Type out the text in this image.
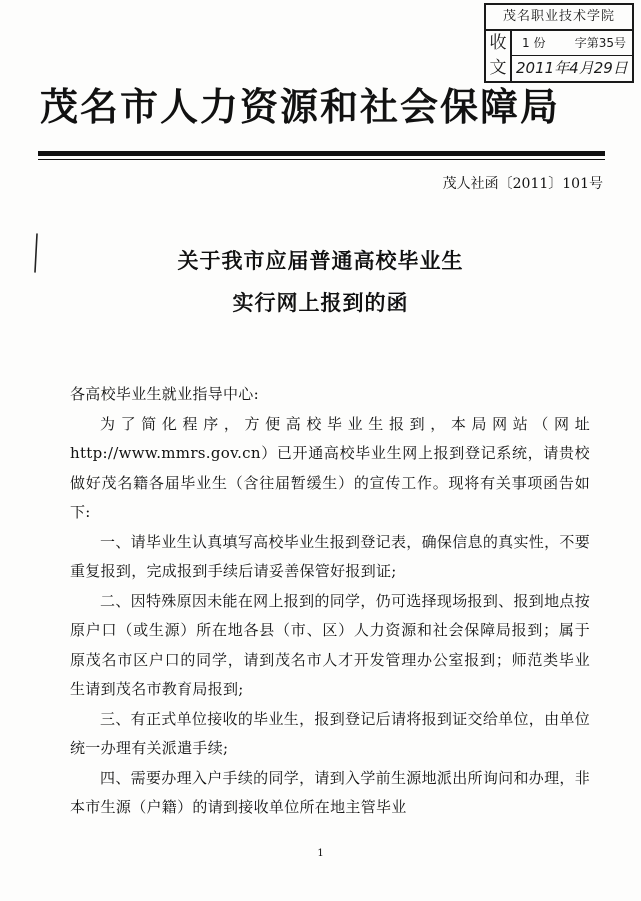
茂名职业技术学院
收
文
1 份 字第35号
2011年4月29日
茂名市人力资源和社会保障局
茂人社函〔2011〕101号
关于我市应届普通高校毕业生
实行网上报到的函

各高校毕业生就业指导中心:

为了简化程序，方便高校毕业生报到，本局网站（网址http://www.mmrs.gov.cn）已开通高校毕业生网上报到登记系统，请贵校做好茂名籍各届毕业生（含往届暂缓生）的宣传工作。现将有关事项函告如下:

一、请毕业生认真填写高校毕业生报到登记表，确保信息的真实性，不要重复报到，完成报到手续后请妥善保管好报到证;

二、因特殊原因未能在网上报到的同学，仍可选择现场报到、报到地点按原户口（或生源）所在地各县（市、区）人力资源和社会保障局报到；属于原茂名市区户口的同学，请到茂名市人才开发管理办公室报到；师范类毕业生请到茂名市教育局报到;

三、有正式单位接收的毕业生，报到登记后请将报到证交给单位，由单位统一办理有关派遣手续;

四、需要办理入户手续的同学，请到入学前生源地派出所询问和办理，非本市生源（户籍）的请到接收单位所在地主管毕业

1
